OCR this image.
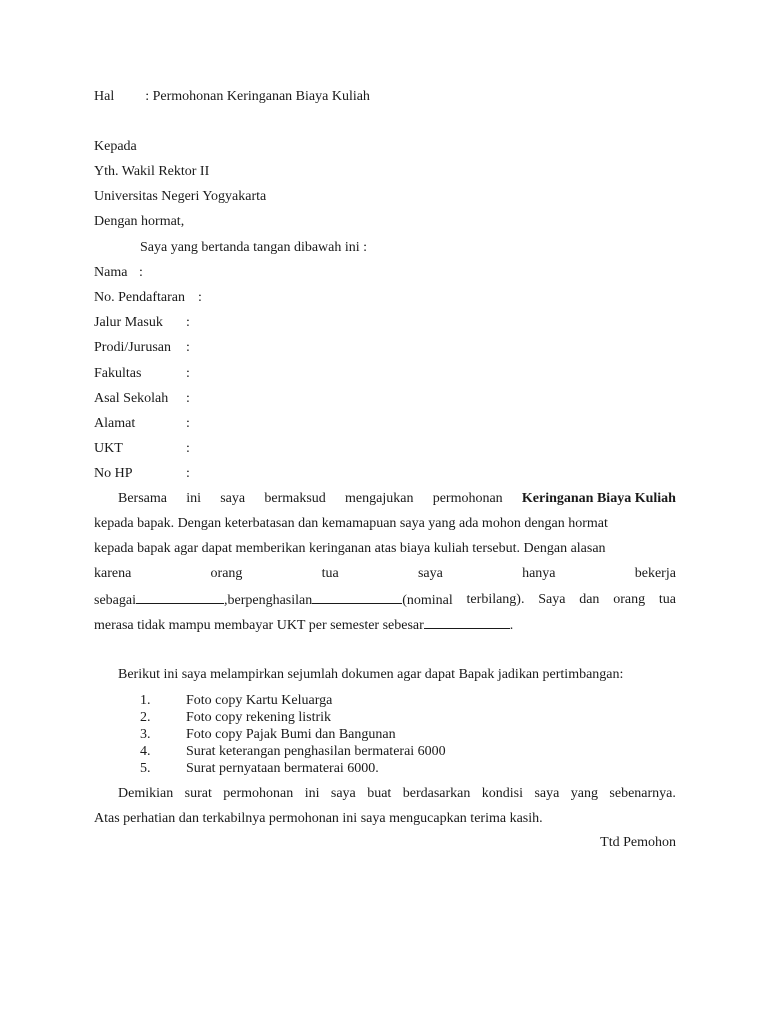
Hal : Permohonan Keringanan Biaya Kuliah
Kepada
Yth. Wakil Rektor II
Universitas Negeri Yogyakarta
Dengan hormat,
Saya yang bertanda tangan dibawah ini :
Nama :
No. Pendaftaran :
Jalur Masuk :
Prodi/Jurusan :
Fakultas	:
Asal Sekolah :
Alamat	:
UKT	:
No HP	:
Bersama ini saya bermaksud mengajukan permohonan Keringanan Biaya Kuliah
kepada bapak. Dengan keterbatasan dan kemamapuan saya yang ada mohon dengan hormat
kepada bapak agar dapat memberikan keringanan atas biaya kuliah tersebut. Dengan alasan
karena	orang	tua	saya	hanya	bekerja
sebagai	,berpenghasilan	(nominal terbilang). Saya dan orang tua
merasa tidak mampu membayar UKT per semester sebesar	.
Berikut ini saya melampirkan sejumlah dokumen agar dapat Bapak jadikan pertimbangan:
1.	Foto copy Kartu Keluarga
2.	Foto copy rekening listrik
3.	Foto copy Pajak Bumi dan Bangunan
4.	Surat keterangan penghasilan bermaterai 6000
5.	Surat pernyataan bermaterai 6000.
Demikian surat permohonan ini saya buat berdasarkan kondisi saya yang sebenarnya.
Atas perhatian dan terkabilnya permohonan ini saya mengucapkan terima kasih.
Ttd Pemohon
